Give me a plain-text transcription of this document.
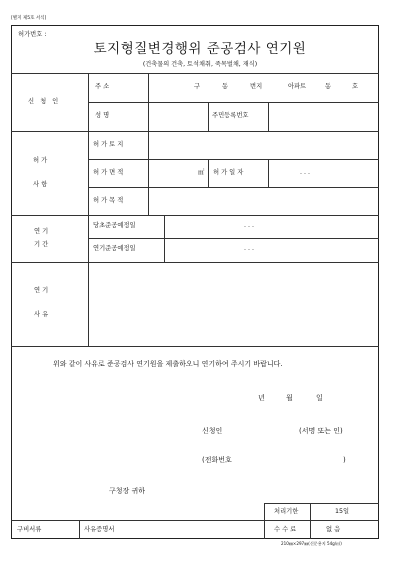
[별지 제5호 서식]
허가번호 :
토지형질변경행위 준공검사 연기원
(건축물의 건축, 토석채취, 죽목벌채, 재식)
신 청 인
주 소	구	동	번지	아파트	동	호
성 명	주민등록번호
허 가
사 항
허 가 토 지
허 가 면 적	㎡ 허 가 일 자	. . .
허 가 목 적
연 기
기 간
당초준공예정일	. . .
연기준공예정일	. . .
연 기
사 유
위와 같이 사유로 준공검사 연기원을 제출하오니 연기하여 주시기 바랍니다.
년	월	일
신청인	(서명 또는 인)
(전화번호	)
구청장 귀하
처리기한	15일
구비서류	사유증명서	수 수 료	없 음
210㎜×297㎜(신문용지 54g/㎡)
